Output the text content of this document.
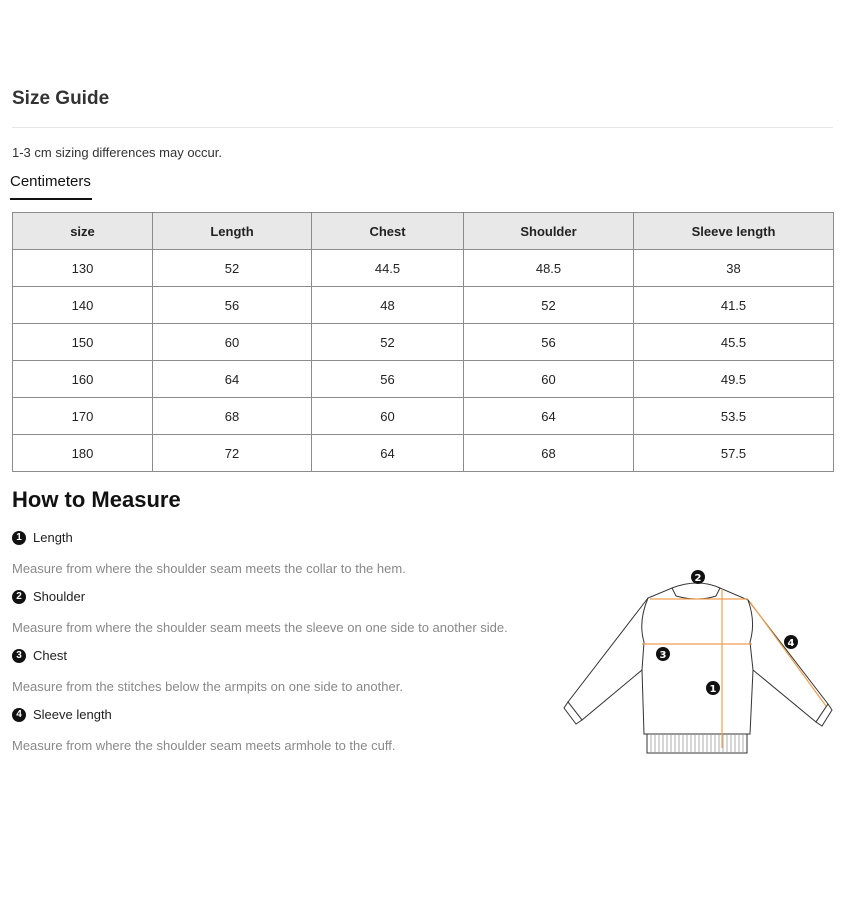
Size Guide
1-3 cm sizing differences may occur.
Centimeters
size	Length	Chest	Shoulder	Sleeve length
130	52	44.5	48.5	38
140	56	48	52	41.5
150	60	52	56	45.5
160	64	56	60	49.5
170	68	60	64	53.5
180	72	64	68	57.5
How to Measure
1 Length
Measure from where the shoulder seam meets the collar to the hem.
2 Shoulder
Measure from where the shoulder seam meets the sleeve on one side to another side.
3 Chest
Measure from the stitches below the armpits on one side to another.
4 Sleeve length
Measure from where the shoulder seam meets armhole to the cuff.
2
3
1
4
